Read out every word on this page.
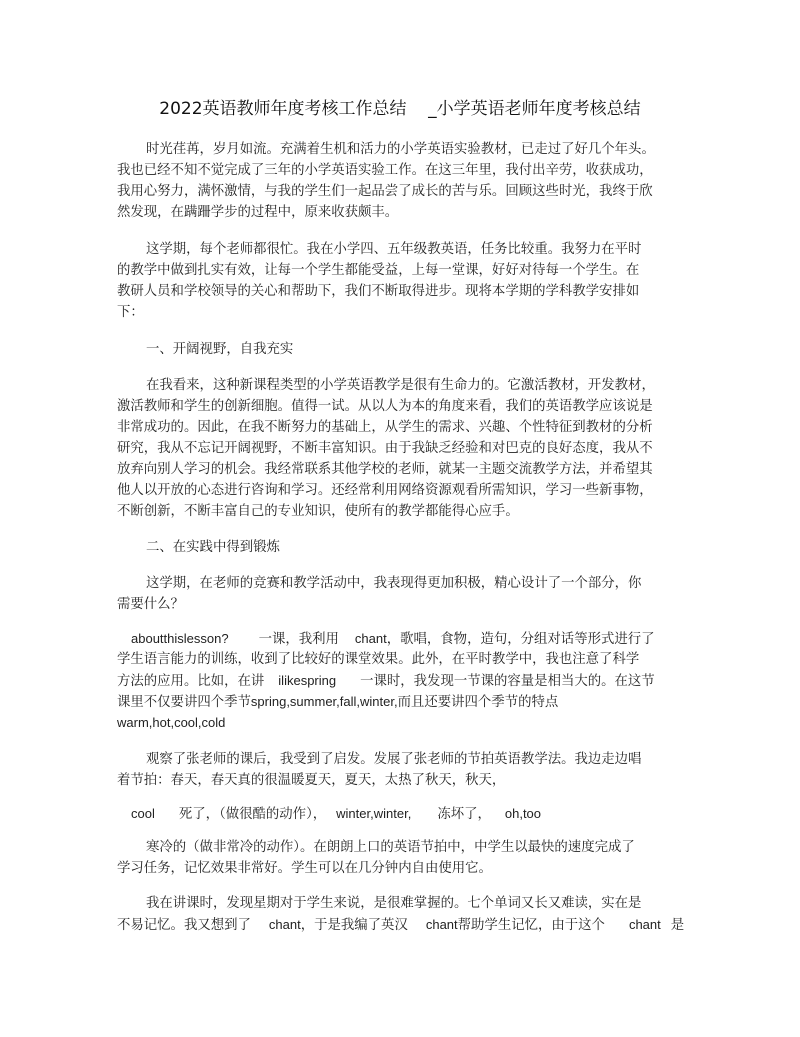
2022英语教师年度考核工作总结    _小学英语老师年度考核总结
时光荏苒，岁月如流。充满着生机和活力的小学英语实验教材，已走过了好几个年头。
我也已经不知不觉完成了三年的小学英语实验工作。在这三年里，我付出辛劳，收获成功，
我用心努力，满怀激情，与我的学生们一起品尝了成长的苦与乐。回顾这些时光，我终于欣
然发现，在蹒跚学步的过程中，原来收获颇丰。
这学期，每个老师都很忙。我在小学四、五年级教英语，任务比较重。我努力在平时
的教学中做到扎实有效，让每一个学生都能受益，上每一堂课，好好对待每一个学生。在
教研人员和学校领导的关心和帮助下，我们不断取得进步。现将本学期的学科教学安排如
下：
一、开阔视野，自我充实
在我看来，这种新课程类型的小学英语教学是很有生命力的。它激活教材，开发教材，
激活教师和学生的创新细胞。值得一试。从以人为本的角度来看，我们的英语教学应该说是
非常成功的。因此，在我不断努力的基础上，从学生的需求、兴趣、个性特征到教材的分析
研究，我从不忘记开阔视野，不断丰富知识。由于我缺乏经验和对巴克的良好态度，我从不
放弃向别人学习的机会。我经常联系其他学校的老师，就某一主题交流教学方法，并希望其
他人以开放的心态进行咨询和学习。还经常利用网络资源观看所需知识，学习一些新事物，
不断创新，不断丰富自己的专业知识，使所有的教学都能得心应手。
二、在实践中得到锻炼
这学期，在老师的竞赛和教学活动中，我表现得更加积极，精心设计了一个部分，你
需要什么？
aboutthislesson? 一课，我利用 chant，歌唱，食物，造句，分组对话等形式进行了
学生语言能力的训练，收到了比较好的课堂效果。此外，在平时教学中，我也注意了科学
方法的应用。比如，在讲 ilikespring 一课时，我发现一节课的容量是相当大的。在这节
课里不仅要讲四个季节spring,summer,fall,winter,而且还要讲四个季节的特点
warm,hot,cool,cold
观察了张老师的课后，我受到了启发。发展了张老师的节拍英语教学法。我边走边唱
着节拍：春天，春天真的很温暖夏天，夏天，太热了秋天，秋天，
cool 死了，（做很酷的动作）， winter,winter, 冻坏了， oh,too
寒冷的（做非常冷的动作）。在朗朗上口的英语节拍中，中学生以最快的速度完成了
学习任务，记忆效果非常好。学生可以在几分钟内自由使用它。
我在讲课时，发现星期对于学生来说，是很难掌握的。七个单词又长又难读，实在是
不易记忆。我又想到了 chant，于是我编了英汉 chant帮助学生记忆，由于这个 chant 是
